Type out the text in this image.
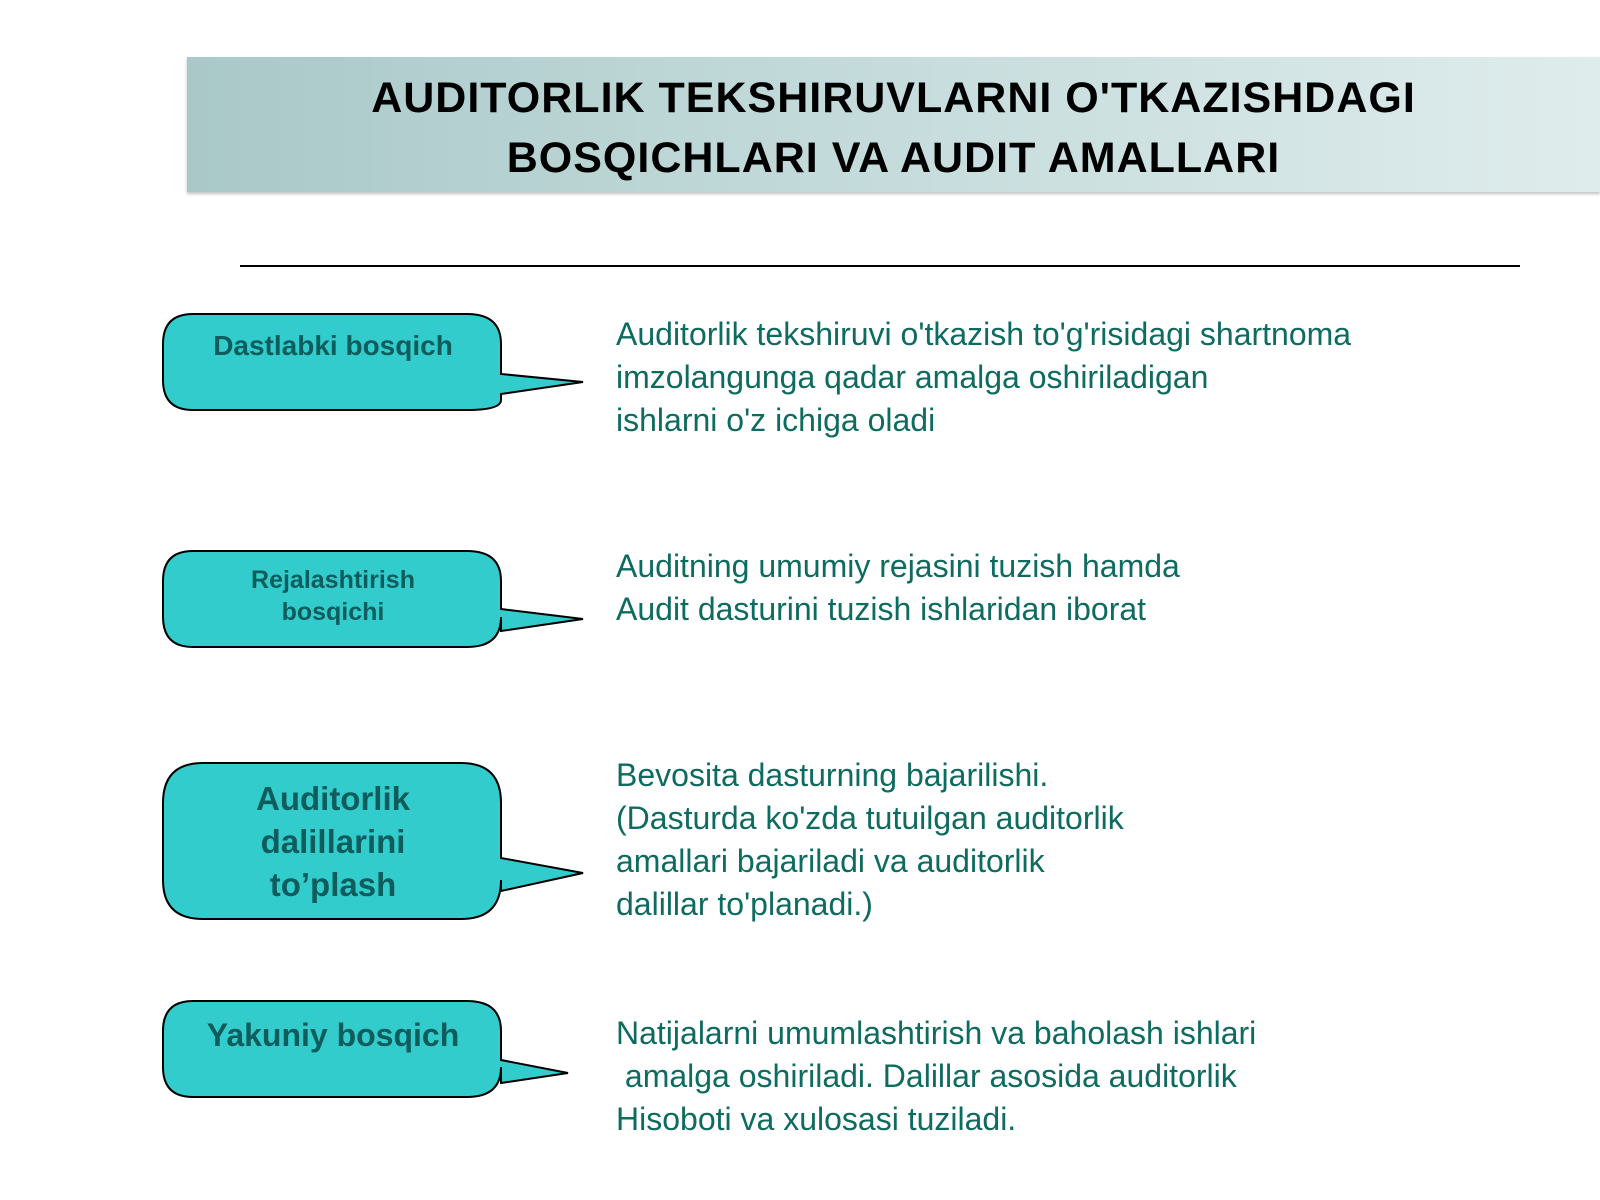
AUDITORLIK TEKSHIRUVLARNI O'TKAZISHDAGI
BOSQICHLARI VA AUDIT AMALLARI
Dastlabki bosqich
Rejalashtirish
bosqichi
Auditorlik
dalillarini
to’plash
Yakuniy bosqich
Auditorlik tekshiruvi o'tkazish to'g'risidagi shartnoma
imzolangunga qadar amalga oshiriladigan
ishlarni o'z ichiga oladi
Auditning umumiy rejasini tuzish hamda
Audit dasturini tuzish ishlaridan iborat
Bevosita dasturning bajarilishi.
(Dasturda ko'zda tutuilgan auditorlik
amallari bajariladi va auditorlik
dalillar to'planadi.)
Natijalarni umumlashtirish va baholash ishlari
amalga oshiriladi. Dalillar asosida auditorlik
Hisoboti va xulosasi tuziladi.
